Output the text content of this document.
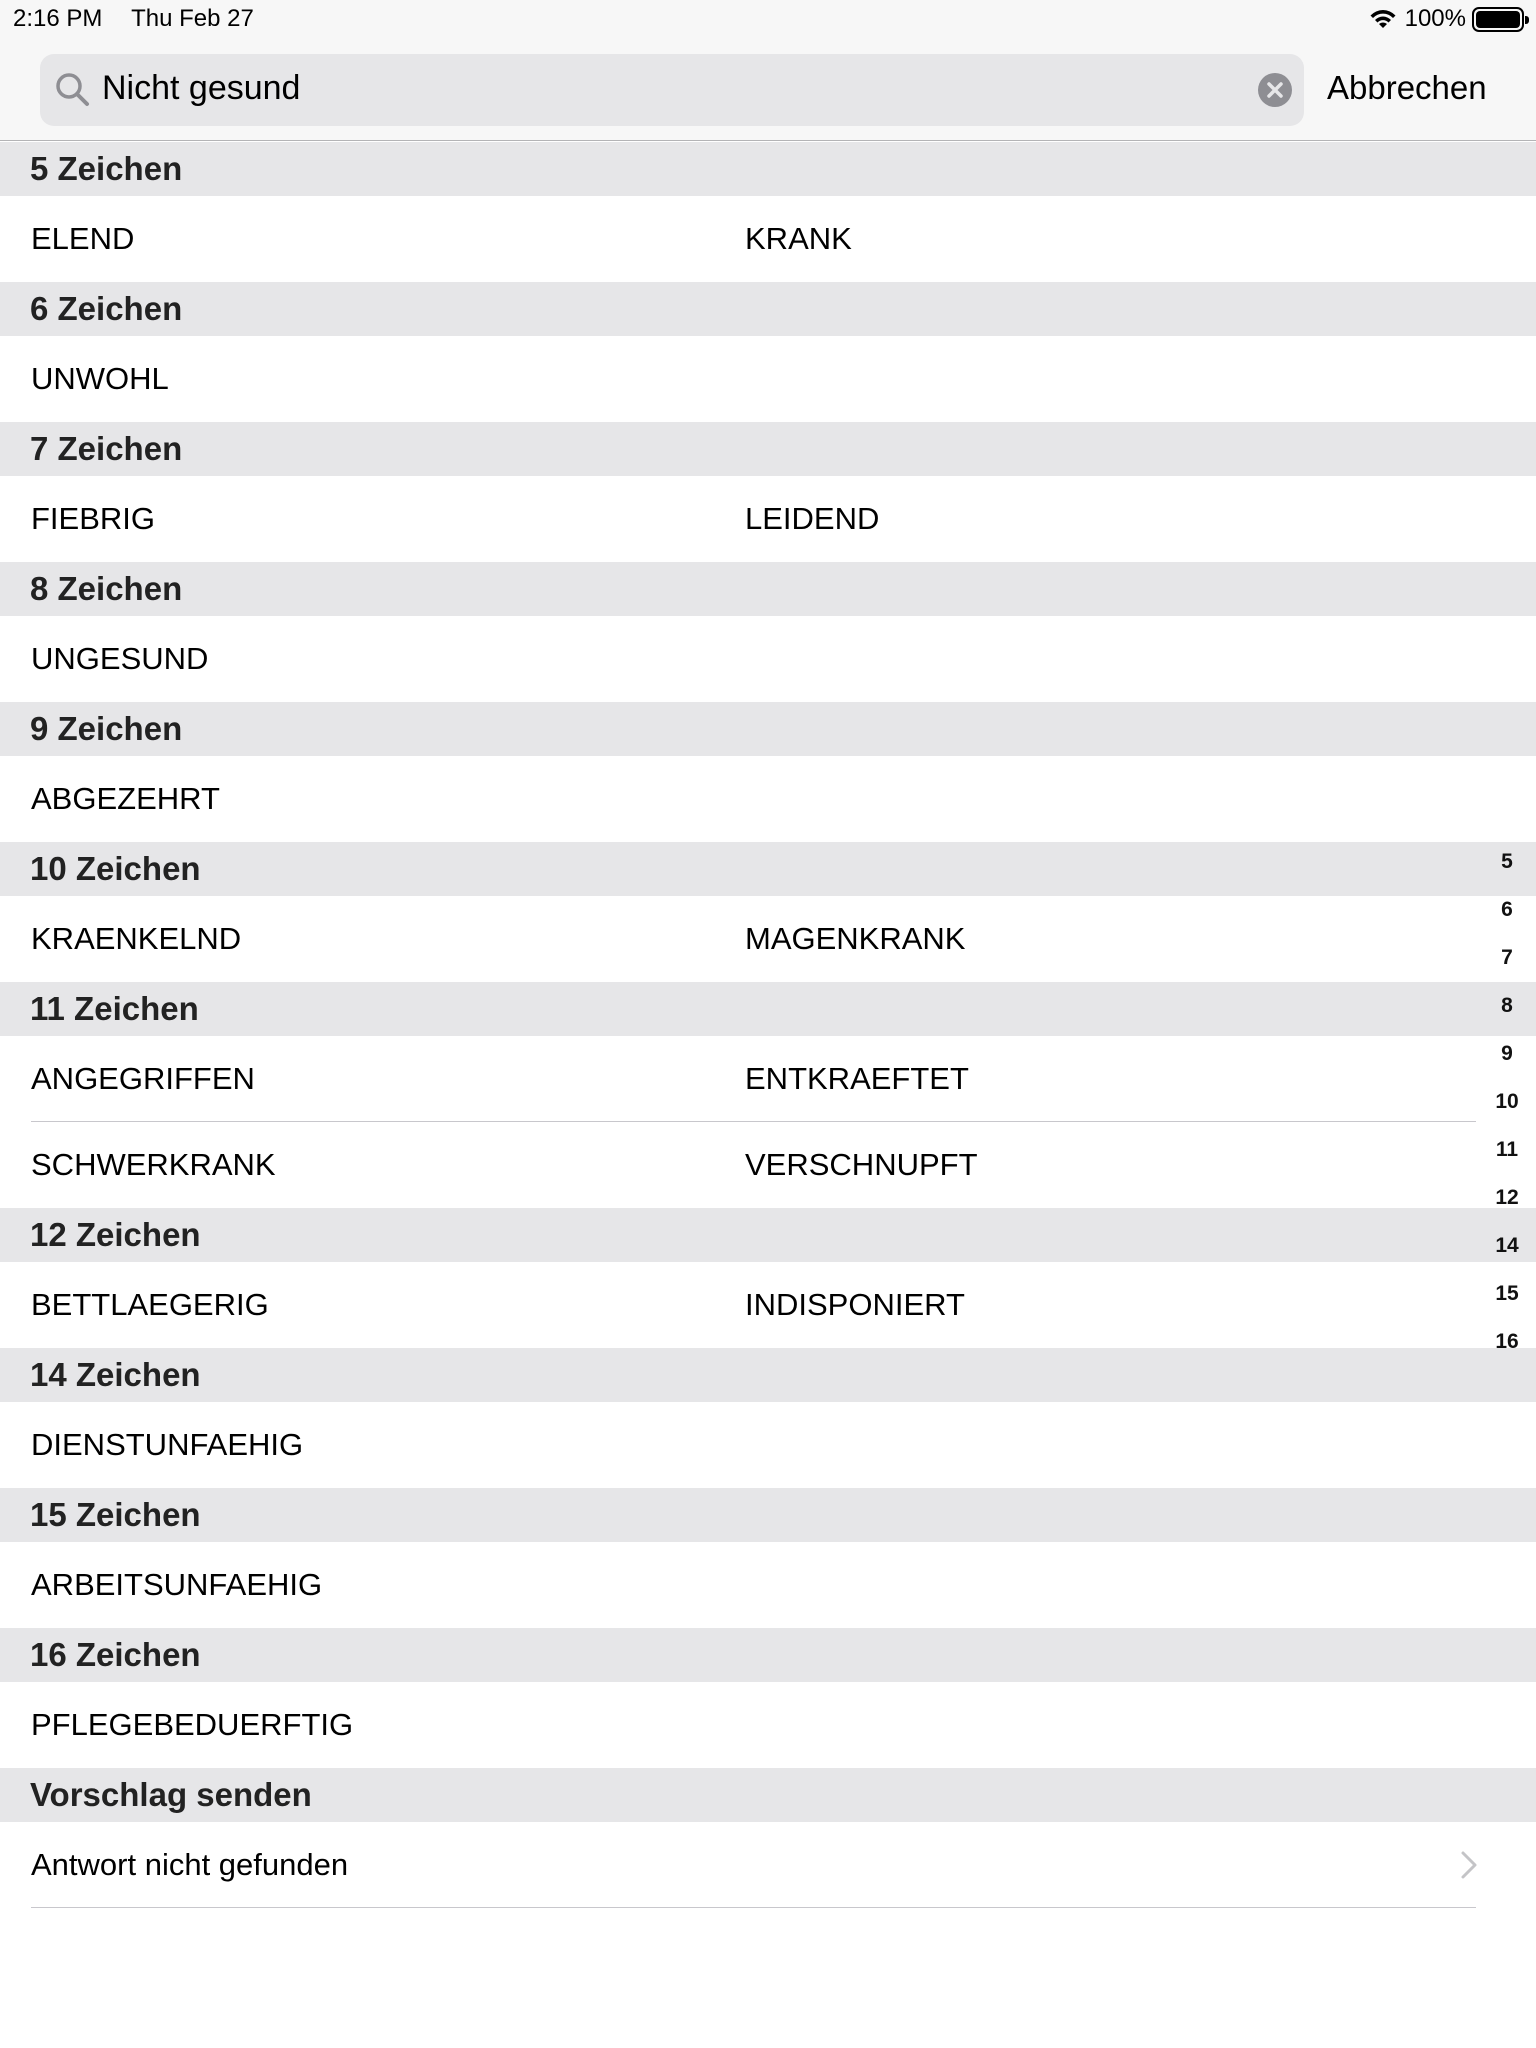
2:16 PM Thu Feb 27	100%
Nicht gesund	Abbrechen
5 Zeichen
ELEND	KRANK
6 Zeichen
UNWOHL
7 Zeichen
FIEBRIG	LEIDEND
8 Zeichen
UNGESUND
9 Zeichen
ABGEZEHRT
10 Zeichen
KRAENKELND	MAGENKRANK
11 Zeichen
ANGEGRIFFEN	ENTKRAEFTET
SCHWERKRANK	VERSCHNUPFT
12 Zeichen
BETTLAEGERIG	INDISPONIERT
14 Zeichen
DIENSTUNFAEHIG
15 Zeichen
ARBEITSUNFAEHIG
16 Zeichen
PFLEGEBEDUERFTIG
Vorschlag senden
Antwort nicht gefunden
5
6
7
8
9
10
11
12
14
15
16
